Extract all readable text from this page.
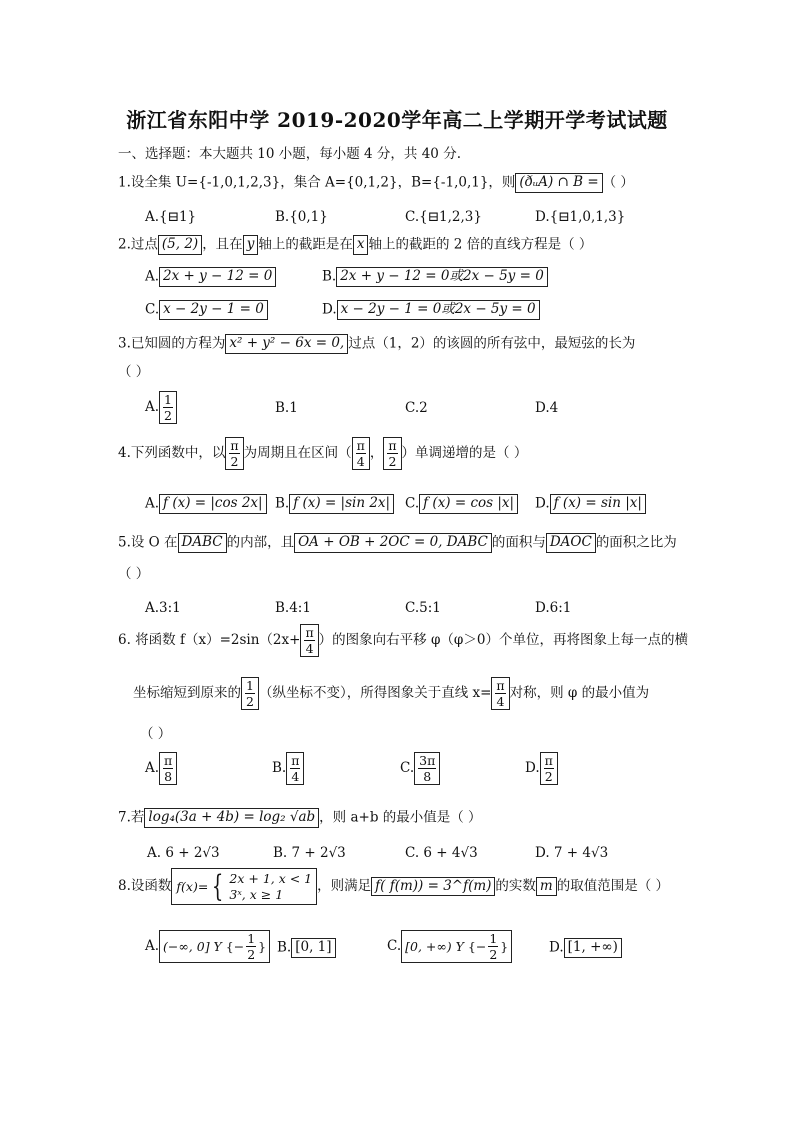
浙江省东阳中学 2019-2020学年高二上学期开学考试试题
一、选择题：本大题共 10 小题，每小题 4 分，共 40 分.
1.设全集 U={-1,0,1,2,3}，集合 A={0,1,2}，B={-1,0,1}，则 (ðᵤA) ∩ B = （ ）
A.{⊟1}	B.{0,1}	C.{⊟1,2,3}	D.{⊟1,0,1,3}
2.过点 (5, 2) ，且在 y 轴上的截距是在 x 轴上的截距的 2 倍的直线方程是（ ）
A. 2x + y − 12 = 0	B. 2x + y − 12 = 0或2x − 5y = 0
C. x − 2y − 1 = 0	D. x − 2y − 1 = 0或2x − 5y = 0
3.已知圆的方程为 x² + y² − 6x = 0, 过点（1，2）的该圆的所有弦中，最短弦的长为
（ ）
A. $\frac{1}{2}$	B.1	C.2	D.4
4.下列函数中，以 $\frac{\pi}{2}$ 为周期且在区间（ $\frac{\pi}{4}$ ， $\frac{\pi}{2}$ ）单调递增的是（ ）
A. f (x) = |cos 2x| B. f (x) = |sin 2x| C. f (x) = cos |x| D. f (x) = sin |x|
5.设 O 在 DABC 的内部，且 OA + OB + 2OC = 0, DABC 的面积与 DAOC 的面积之比为
（ ）
A.3:1	B.4:1	C.5:1	D.6:1
6. 将函数 $f(x)=2\sin(2x+ \frac{\pi}{4}$ ）的图象向右平移 φ（φ＞0）个单位，再将图象上每一点的横
坐标缩短到原来的 $\frac{1}{2}$ （纵坐标不变），所得图象关于直线 $x= \frac{\pi}{4}$ 对称，则 φ 的最小值为
（ ）
A. $\frac{\pi}{8}$	B. $\frac{\pi}{4}$	C. $\frac{3\pi}{8}$	D. $\frac{\pi}{2}$
7.若 log₄(3a + 4b) = log₂ √ab ，则 a+b 的最小值是（ ）
A. 6 + 2√3	B. 7 + 2√3	C. 6 + 4√3	D. 7 + 4√3
8.设函数 f(x)= { 2x + 1, x < 1
3ˣ, x ≥ 1	，则满足 f( f(m)) = 3^f(m) 的实数 m 的取值范围是（ ）
A. (−∞, 0] Y {− $\frac{1}{2}$ } B. [0, 1]	C. [0, +∞) Y {− $\frac{1}{2}$ }	D. [1, +∞)
